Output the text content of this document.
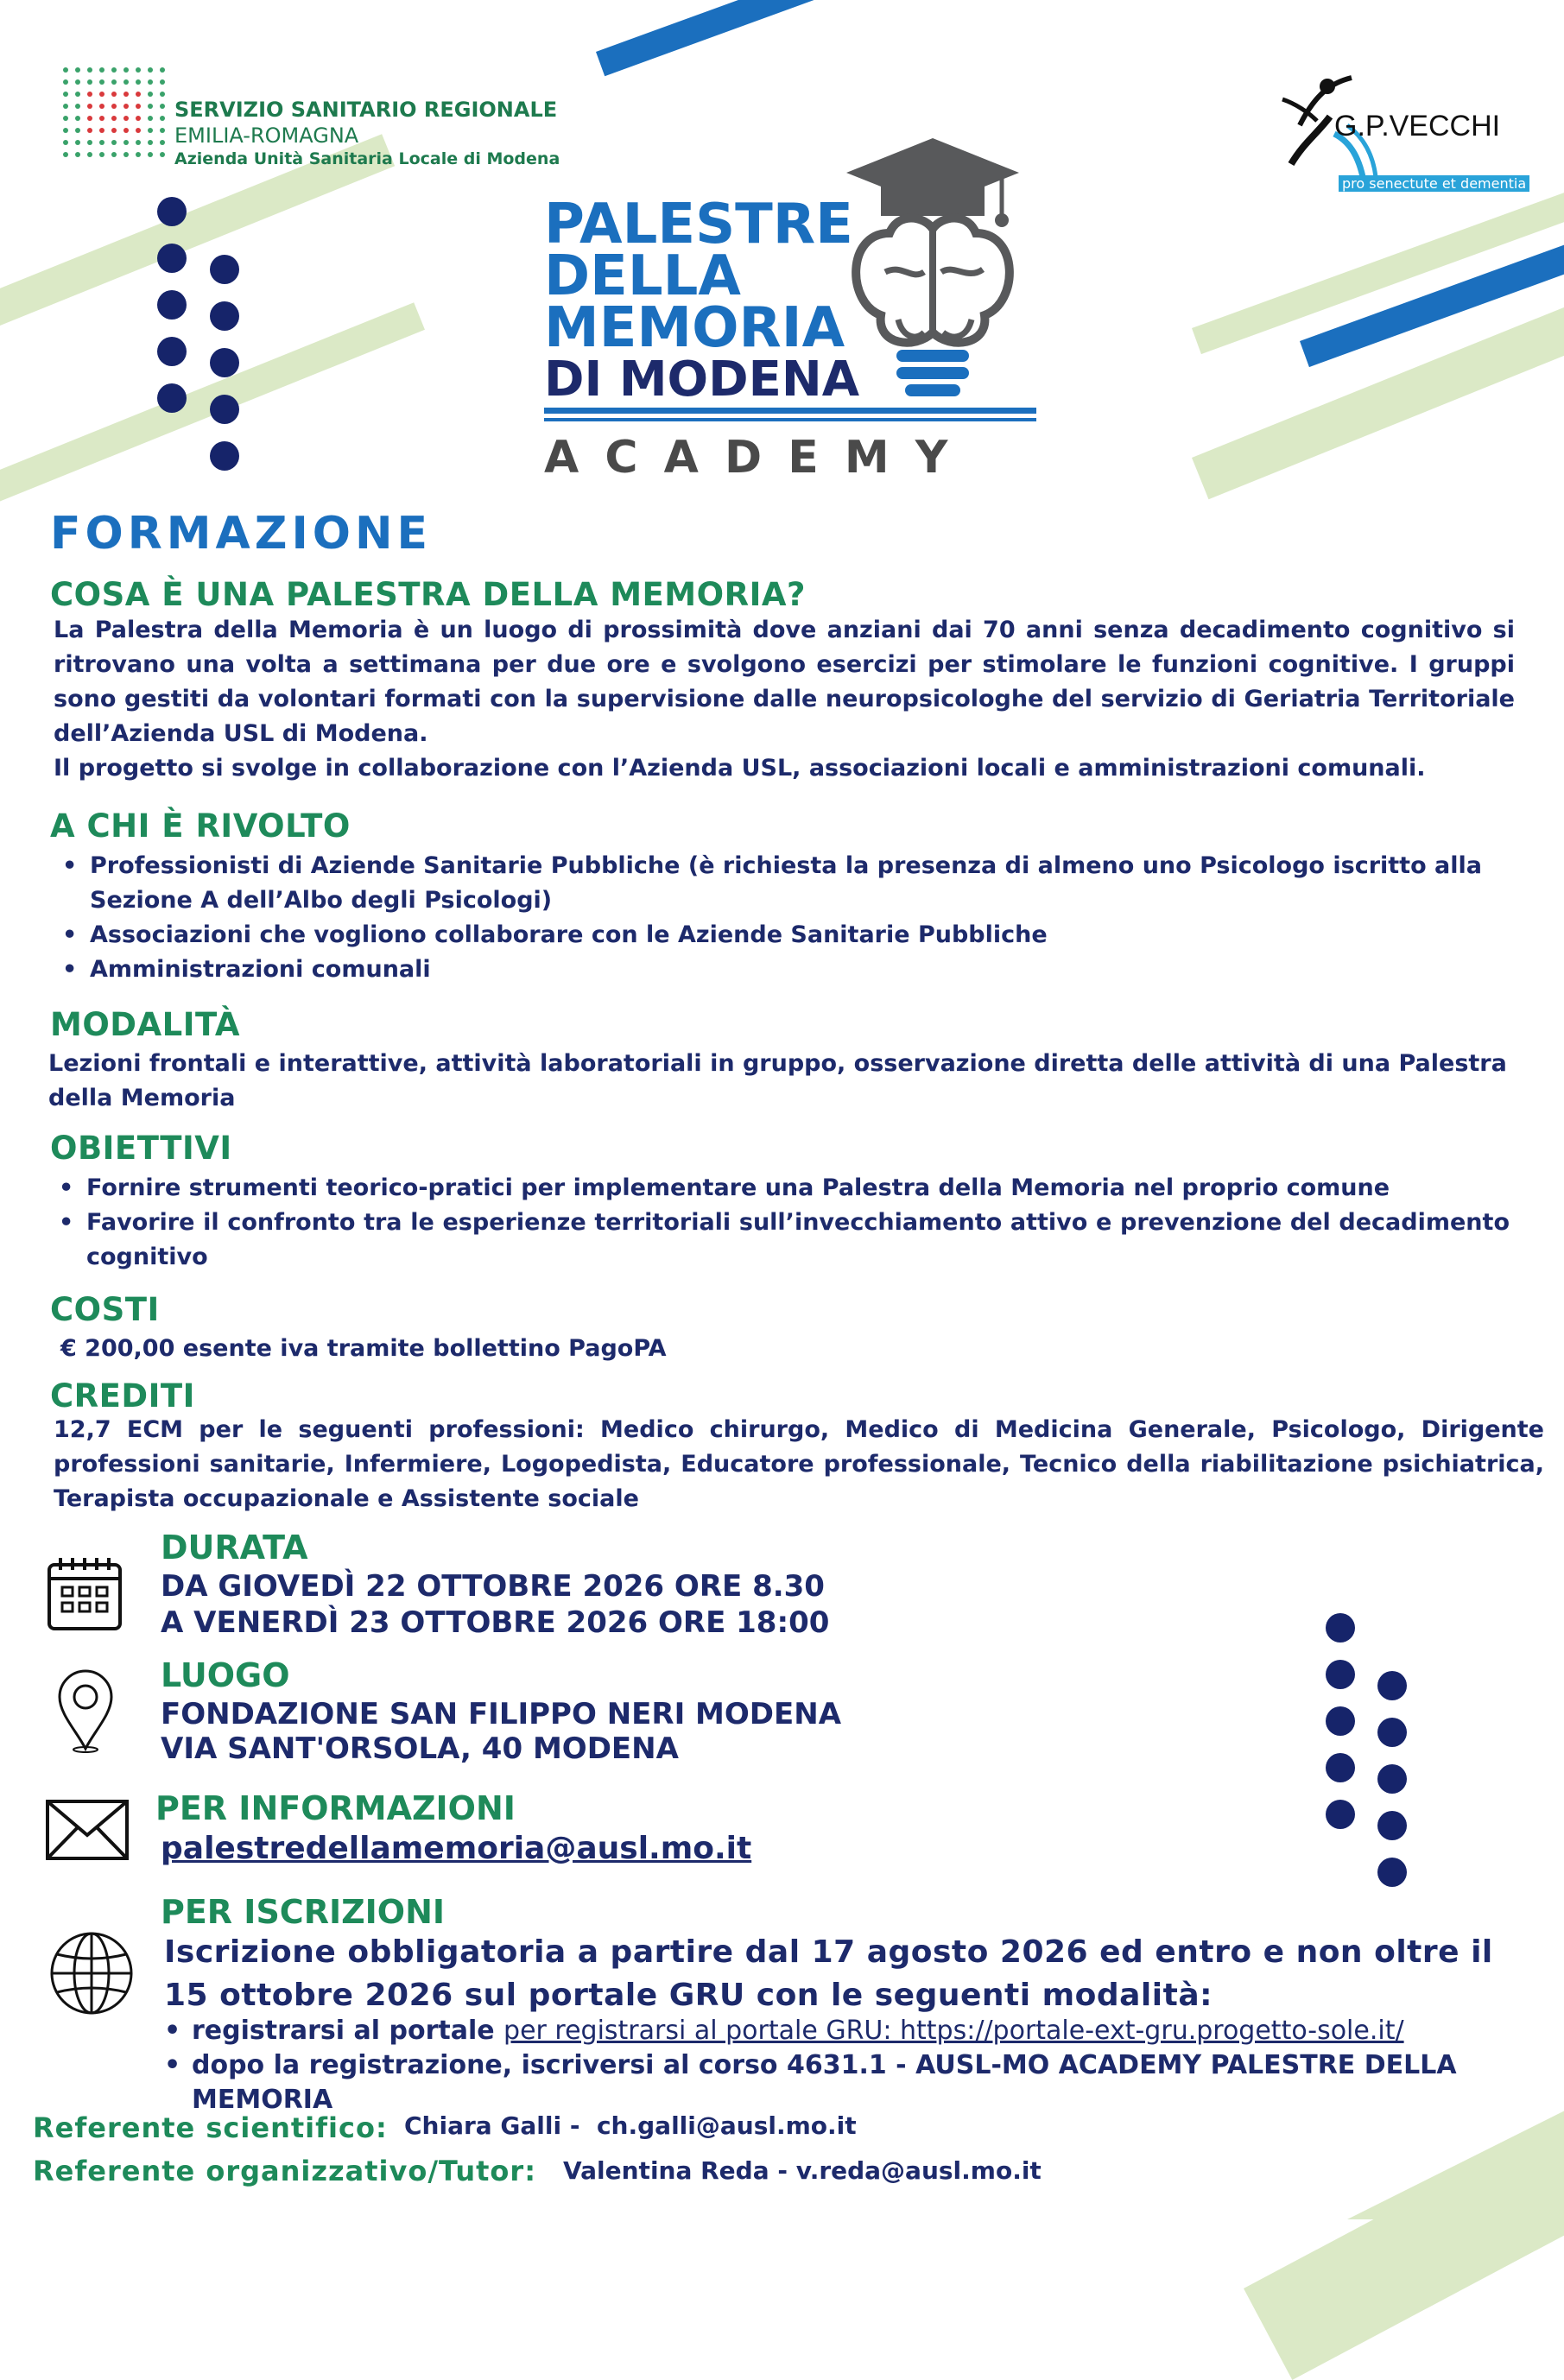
SERVIZIO SANITARIO REGIONALE
EMILIA-ROMAGNA
Azienda Unità Sanitaria Locale di Modena
G.P.VECCHI
pro senectute et dementia
PALESTRE
DELLA
MEMORIA
DI MODENA
A C A D E M Y
FORMAZIONE
COSA È UNA PALESTRA DELLA MEMORIA?
La Palestra della Memoria è un luogo di prossimità dove anziani dai 70 anni senza decadimento cognitivo si ritrovano una volta a settimana per due ore e svolgono esercizi per stimolare le funzioni cognitive. I gruppi sono gestiti da volontari formati con la supervisione dalle neuropsicologhe del servizio di Geriatria Territoriale dell’Azienda USL di Modena.
Il progetto si svolge in collaborazione con l’Azienda USL, associazioni locali e amministrazioni comunali.
A CHI È RIVOLTO
• Professionisti di Aziende Sanitarie Pubbliche (è richiesta la presenza di almeno uno Psicologo iscritto alla Sezione A dell’Albo degli Psicologi)
• Associazioni che vogliono collaborare con le Aziende Sanitarie Pubbliche
• Amministrazioni comunali
MODALITÀ
Lezioni frontali e interattive, attività laboratoriali in gruppo, osservazione diretta delle attività di una Palestra della Memoria
OBIETTIVI
• Fornire strumenti teorico-pratici per implementare una Palestra della Memoria nel proprio comune
• Favorire il confronto tra le esperienze territoriali sull’invecchiamento attivo e prevenzione del decadimento cognitivo
COSTI
€ 200,00 esente iva tramite bollettino PagoPA
CREDITI
12,7 ECM per le seguenti professioni: Medico chirurgo, Medico di Medicina Generale, Psicologo, Dirigente professioni sanitarie, Infermiere, Logopedista, Educatore professionale, Tecnico della riabilitazione psichiatrica, Terapista occupazionale e Assistente sociale
DURATA
DA GIOVEDÌ 22 OTTOBRE 2026 ORE 8.30
A VENERDÌ 23 OTTOBRE 2026 ORE 18:00
LUOGO
FONDAZIONE SAN FILIPPO NERI MODENA
VIA SANT'ORSOLA, 40 MODENA
PER INFORMAZIONI
palestredellamemoria@ausl.mo.it
PER ISCRIZIONI
Iscrizione obbligatoria a partire dal 17 agosto 2026 ed entro e non oltre il 15 ottobre 2026 sul portale GRU con le seguenti modalità:
• registrarsi al portale per registrarsi al portale GRU: https://portale-ext-gru.progetto-sole.it/
• dopo la registrazione, iscriversi al corso 4631.1 - AUSL-MO ACADEMY PALESTRE DELLA MEMORIA
Referente scientifico: Chiara Galli -  ch.galli@ausl.mo.it
Referente organizzativo/Tutor: Valentina Reda - v.reda@ausl.mo.it
